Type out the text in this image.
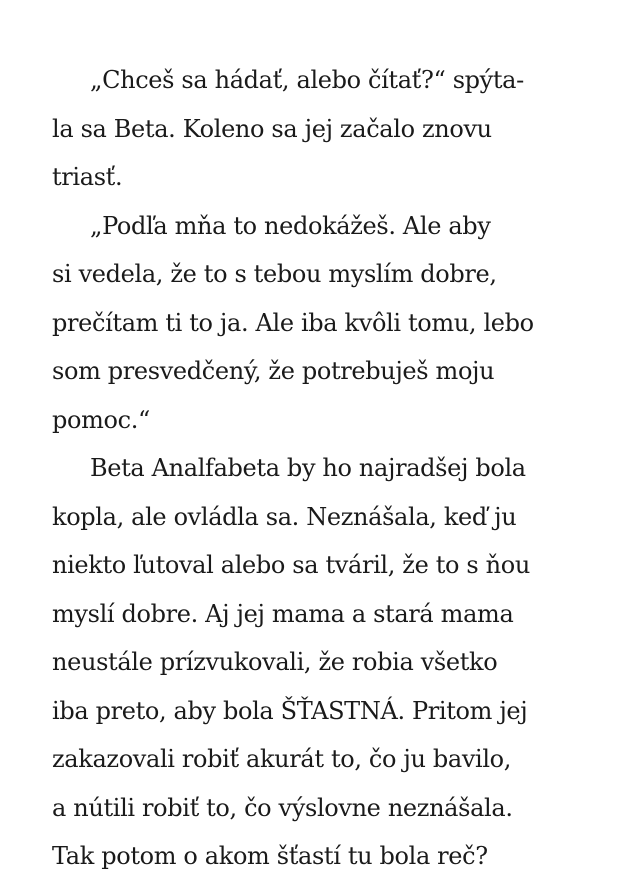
„Chceš sa hádať, alebo čítať?“ spýta-
la sa Beta. Koleno sa jej začalo znovu
triasť.
„Podľa mňa to nedokážeš. Ale aby
si vedela, že to s tebou myslím dobre,
prečítam ti to ja. Ale iba kvôli tomu, lebo
som presvedčený, že potrebuješ moju
pomoc.“
Beta Analfabeta by ho najradšej bola
kopla, ale ovládla sa. Neznášala, keď ju
niekto ľutoval alebo sa tváril, že to s ňou
myslí dobre. Aj jej mama a stará mama
neustále prízvukovali, že robia všetko
iba preto, aby bola ŠŤASTNÁ. Pritom jej
zakazovali robiť akurát to, čo ju bavilo,
a nútili robiť to, čo výslovne neznášala.
Tak potom o akom šťastí tu bola reč?
